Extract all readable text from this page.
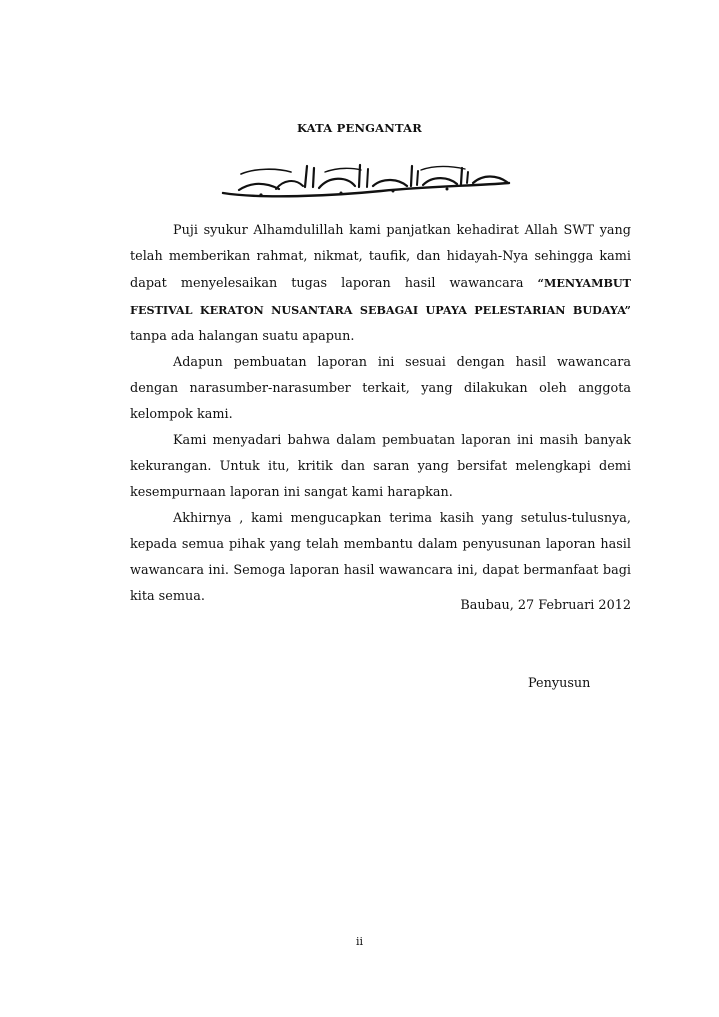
KATA PENGANTAR

Puji syukur Alhamdulillah kami panjatkan kehadirat Allah SWT yang telah memberikan rahmat, nikmat, taufik, dan hidayah-Nya sehingga kami dapat menyelesaikan tugas laporan hasil wawancara “MENYAMBUT FESTIVAL KERATON NUSANTARA SEBAGAI UPAYA PELESTARIAN BUDAYA” tanpa ada halangan suatu apapun.

Adapun pembuatan laporan ini sesuai dengan hasil wawancara dengan narasumber-narasumber terkait, yang dilakukan oleh anggota kelompok kami.

Kami menyadari bahwa dalam pembuatan laporan ini masih banyak kekurangan. Untuk itu, kritik dan saran yang bersifat melengkapi demi kesempurnaan laporan ini sangat kami harapkan.

Akhirnya , kami mengucapkan terima kasih yang setulus-tulusnya, kepada semua pihak yang telah membantu dalam penyusunan laporan hasil wawancara ini. Semoga laporan hasil wawancara ini, dapat bermanfaat bagi kita semua.

Baubau, 27 Februari 2012
Penyusun
ii
